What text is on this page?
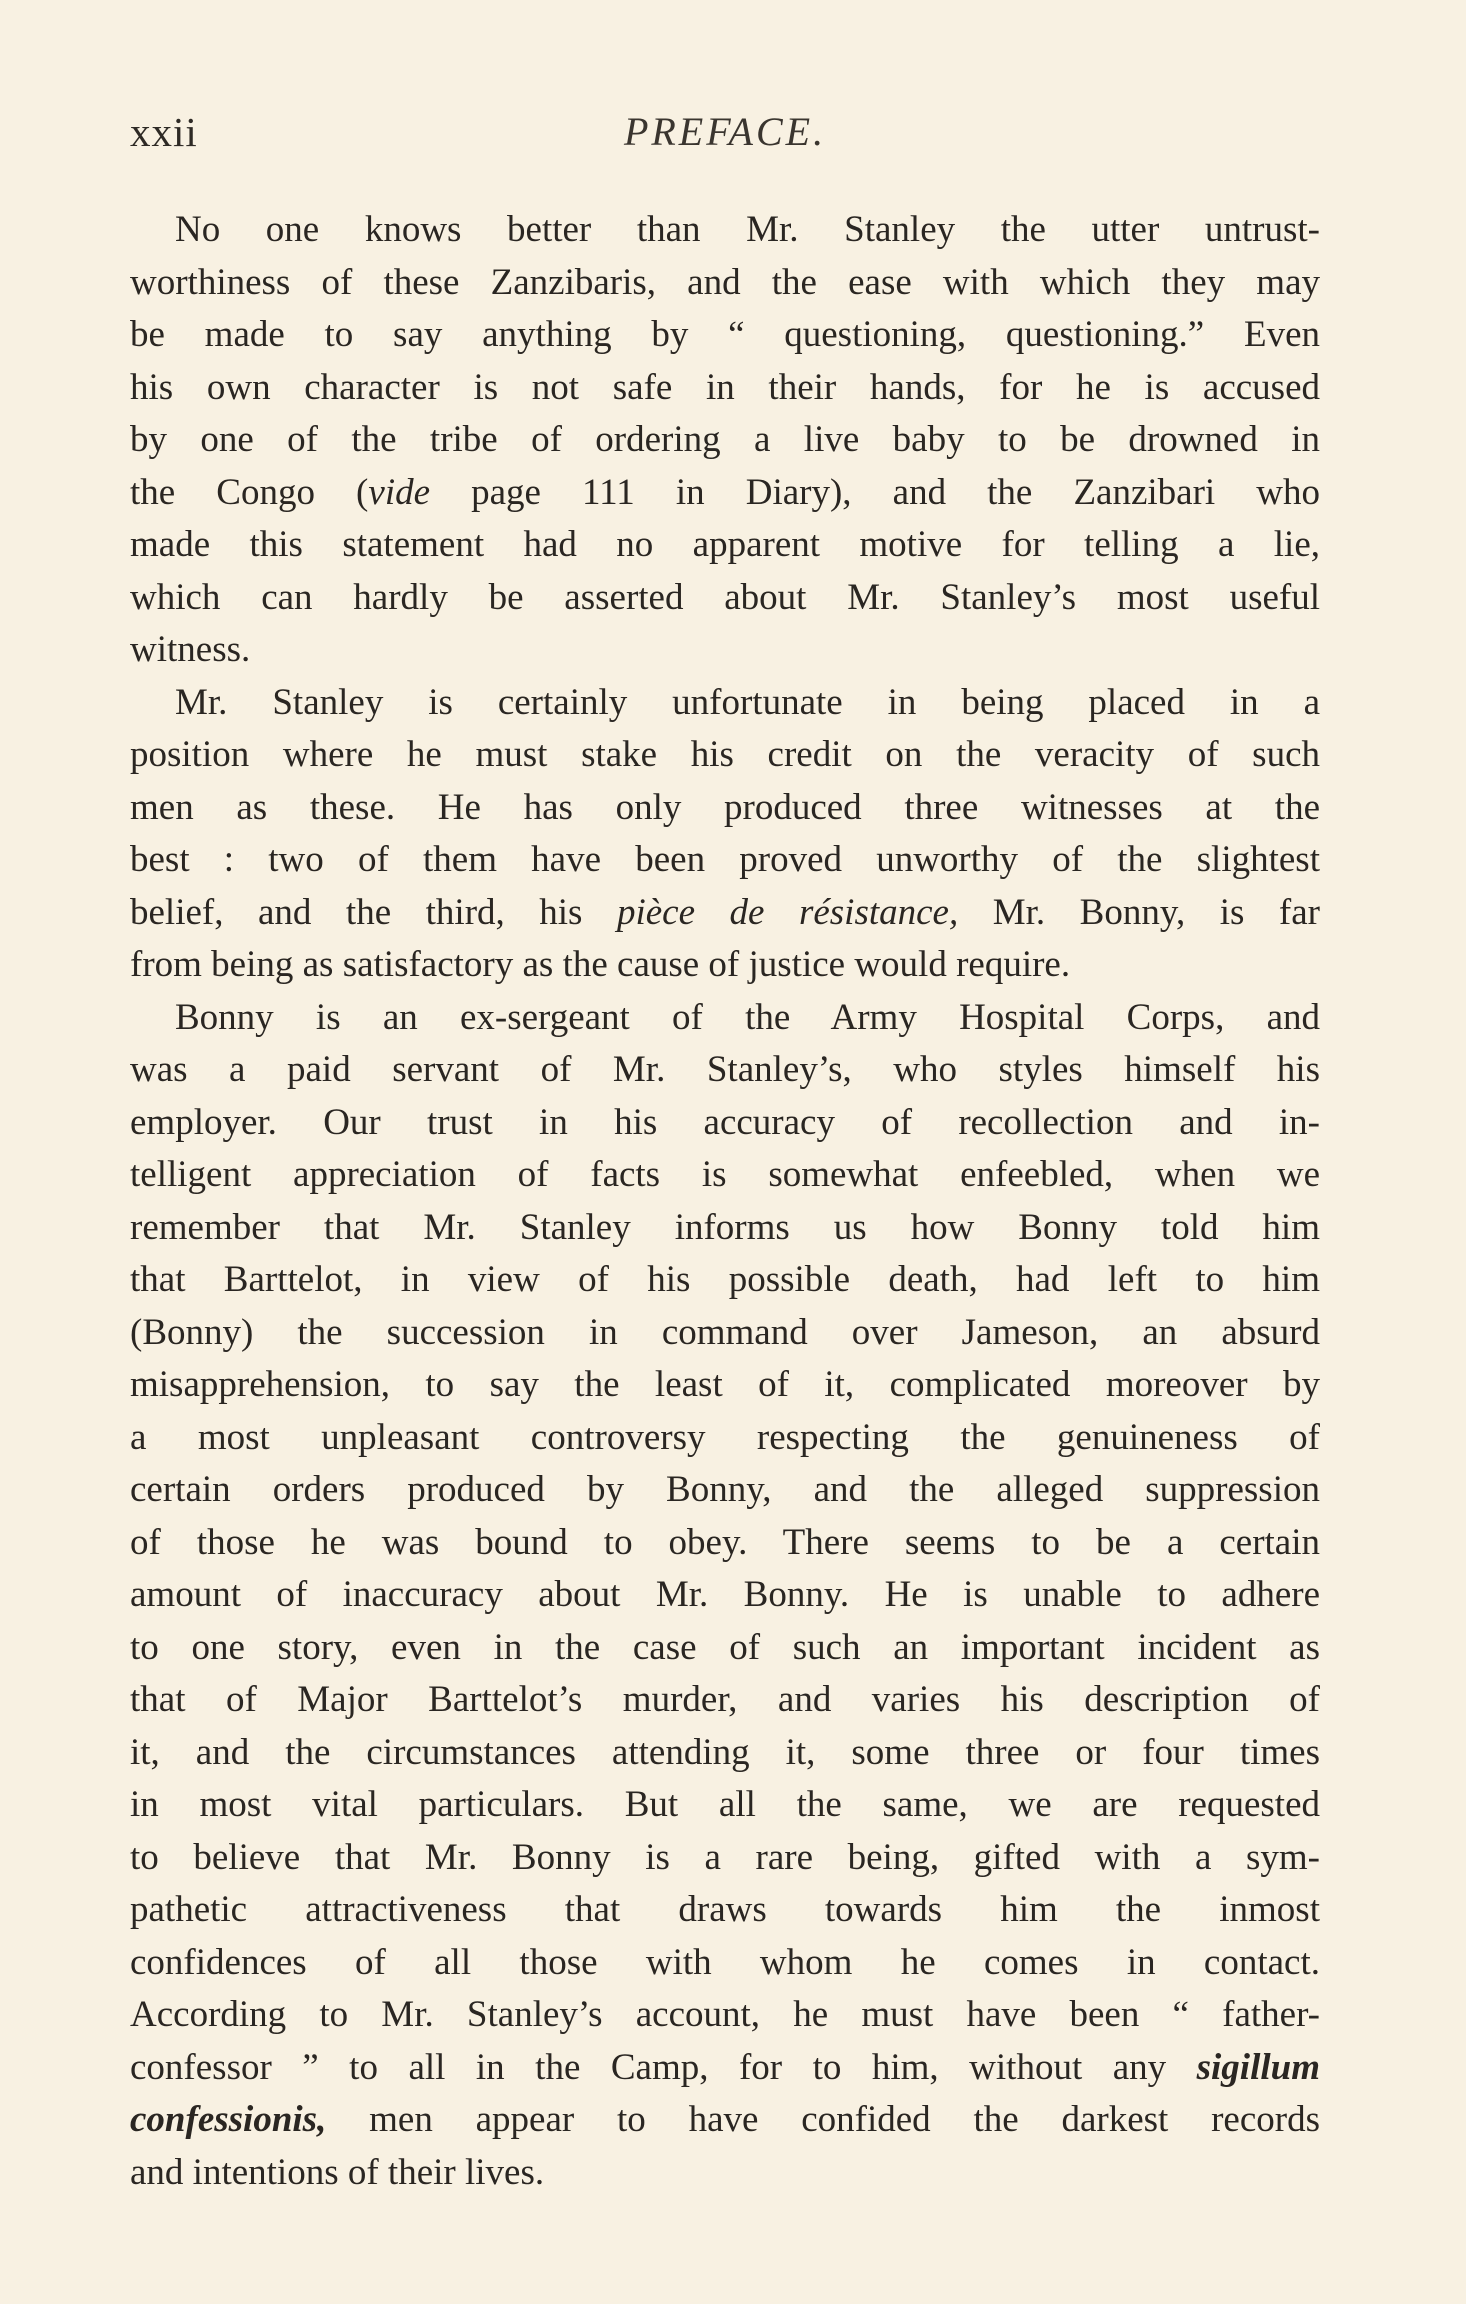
xxii	PREFACE.
No one knows better than Mr. Stanley the utter untrust-
worthiness of these Zanzibaris, and the ease with which they may
be made to say anything by “ questioning, questioning.” Even
his own character is not safe in their hands, for he is accused
by one of the tribe of ordering a live baby to be drowned in
the Congo (vide page 111 in Diary), and the Zanzibari who
made this statement had no apparent motive for telling a lie,
which can hardly be asserted about Mr. Stanley’s most useful
witness.
Mr. Stanley is certainly unfortunate in being placed in a
position where he must stake his credit on the veracity of such
men as these. He has only produced three witnesses at the
best : two of them have been proved unworthy of the slightest
belief, and the third, his pièce de résistance, Mr. Bonny, is far
from being as satisfactory as the cause of justice would require.
Bonny is an ex-sergeant of the Army Hospital Corps, and
was a paid servant of Mr. Stanley’s, who styles himself his
employer. Our trust in his accuracy of recollection and in-
telligent appreciation of facts is somewhat enfeebled, when we
remember that Mr. Stanley informs us how Bonny told him
that Barttelot, in view of his possible death, had left to him
(Bonny) the succession in command over Jameson, an absurd
misapprehension, to say the least of it, complicated moreover by
a most unpleasant controversy respecting the genuineness of
certain orders produced by Bonny, and the alleged suppression
of those he was bound to obey. There seems to be a certain
amount of inaccuracy about Mr. Bonny. He is unable to adhere
to one story, even in the case of such an important incident as
that of Major Barttelot’s murder, and varies his description of
it, and the circumstances attending it, some three or four times
in most vital particulars. But all the same, we are requested
to believe that Mr. Bonny is a rare being, gifted with a sym-
pathetic attractiveness that draws towards him the inmost
confidences of all those with whom he comes in contact.
According to Mr. Stanley’s account, he must have been “ father-
confessor ” to all in the Camp, for to him, without any sigillum
confessionis, men appear to have confided the darkest records
and intentions of their lives.
